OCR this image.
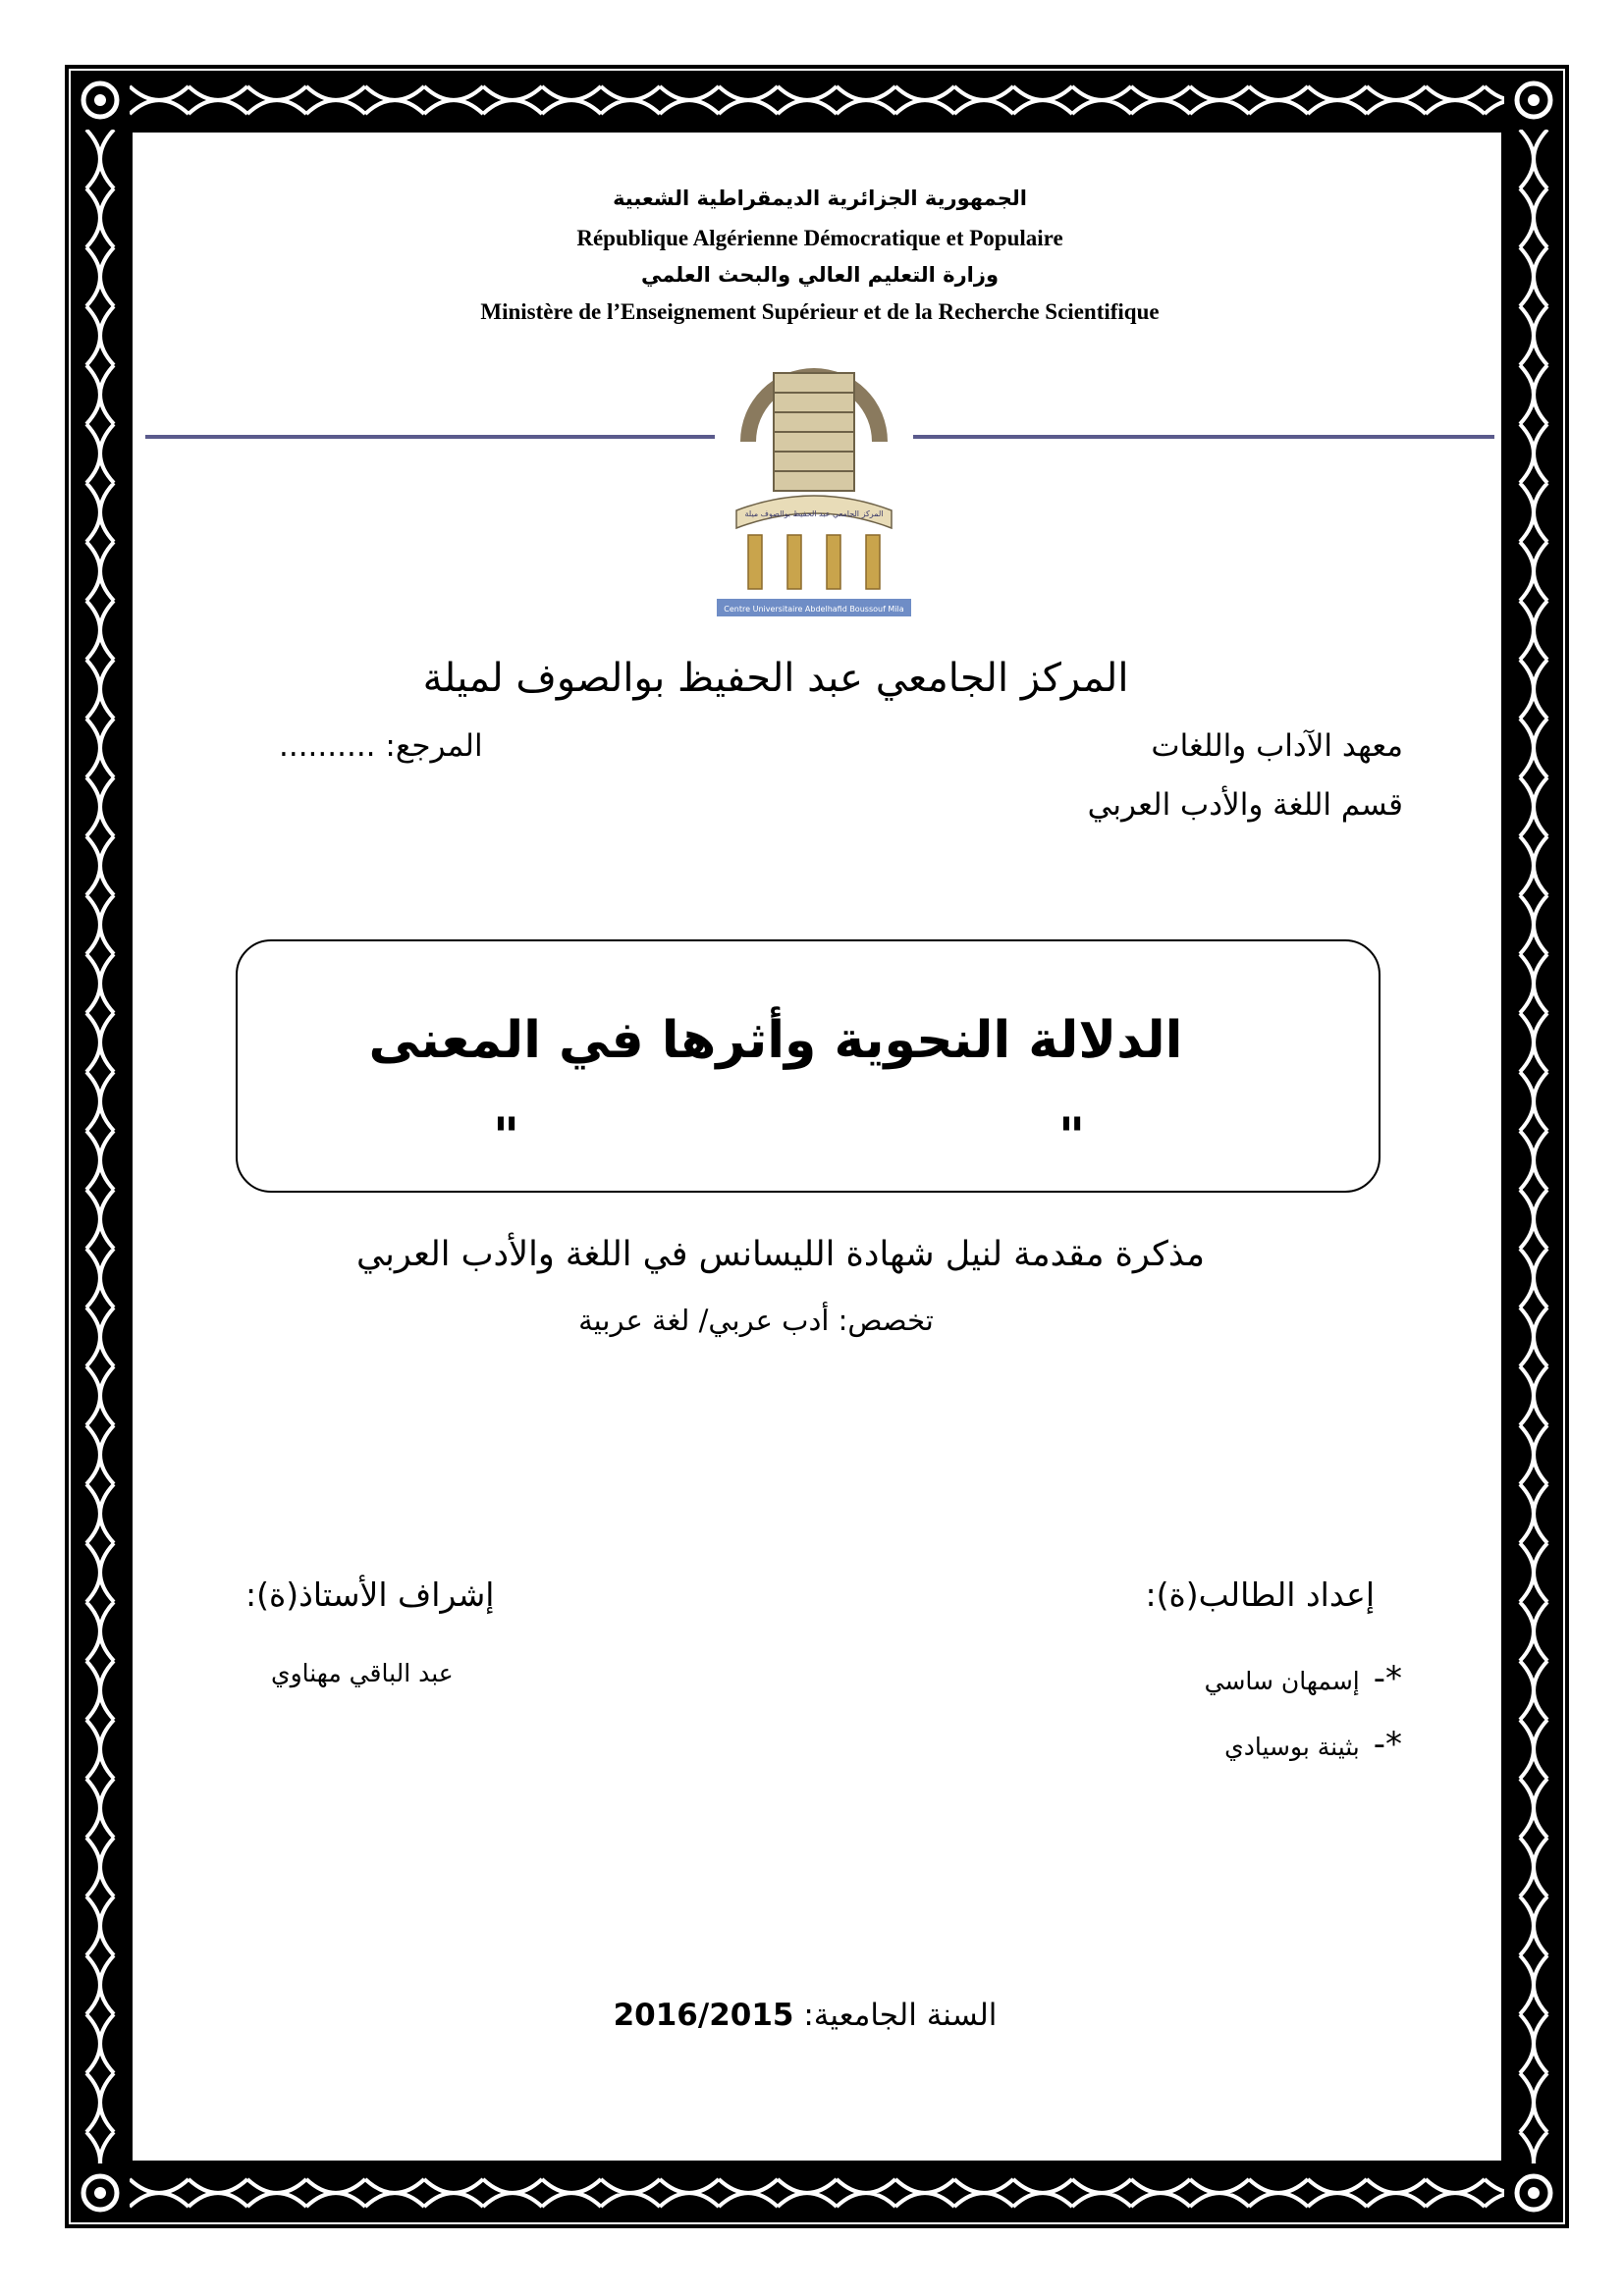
الجمهورية الجزائرية الديمقراطية الشعبية
République Algérienne Démocratique et Populaire
وزارة التعليم العالي والبحث العلمي
Ministère de l’Enseignement Supérieur et de la Recherche Scientifique
المركز الجامعي عبد الحفيظ بوالصوف ميلة
Centre Universitaire Abdelhafid Boussouf Mila
المركز الجامعي عبد الحفيظ بوالصوف لميلة
معهد الآداب واللغات
المرجع: ..........
قسم اللغة والأدب العربي
الدلالة النحوية وأثرها في المعنى
"
"
مذكرة مقدمة لنيل شهادة الليسانس في اللغة والأدب العربي
تخصص: أدب عربي/ لغة عربية
إعداد الطالب(ة):
إشراف الأستاذ(ة):
*- إسمهان ساسي
*- بثينة بوسيادي
عبد الباقي مهناوي
السنة الجامعية: 2016/2015
